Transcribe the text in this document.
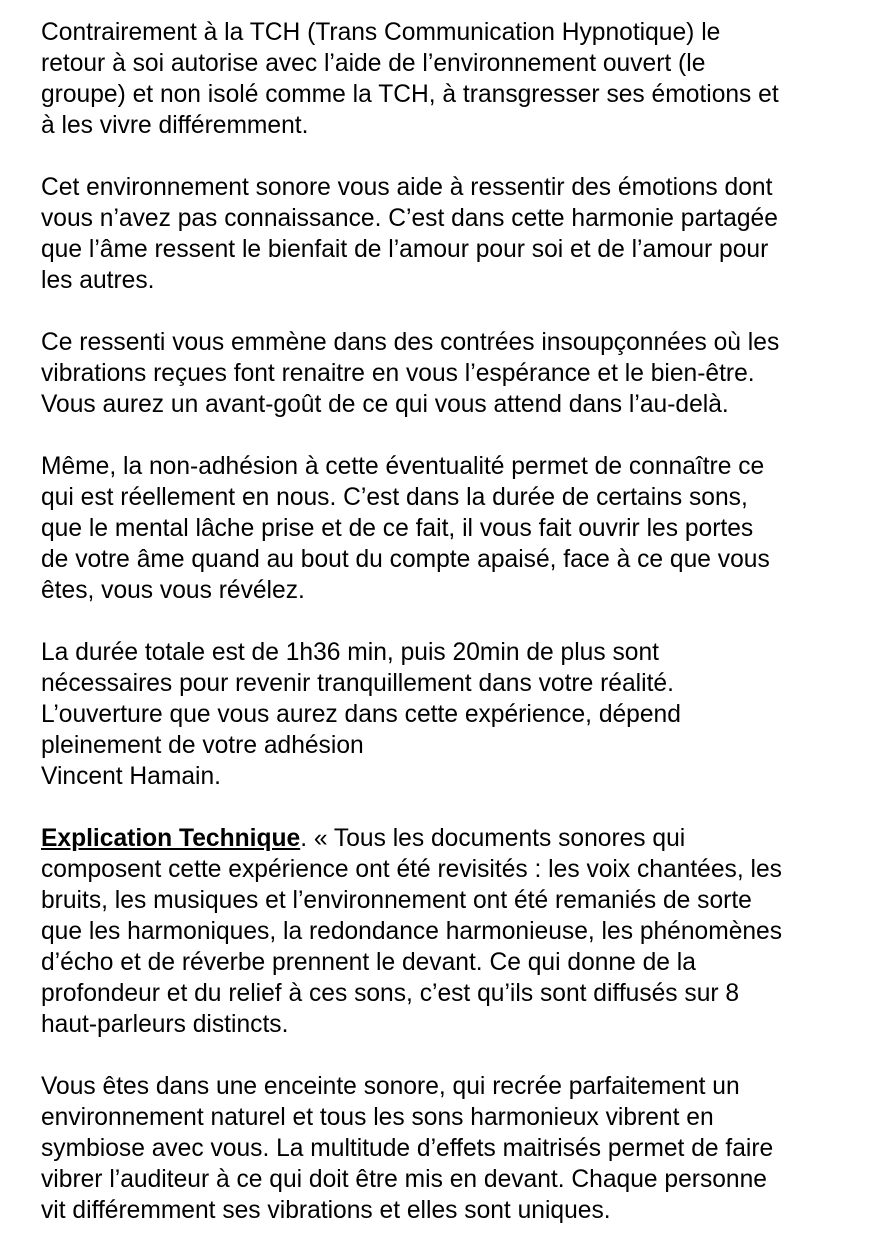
Contrairement à la TCH (Trans Communication Hypnotique) le
retour à soi autorise avec l’aide de l’environnement ouvert (le
groupe) et non isolé comme la TCH, à transgresser ses émotions et
à les vivre différemment.

Cet environnement sonore vous aide à ressentir des émotions dont
vous n’avez pas connaissance. C’est dans cette harmonie partagée
que l’âme ressent le bienfait de l’amour pour soi et de l’amour pour
les autres.

Ce ressenti vous emmène dans des contrées insoupçonnées où les
vibrations reçues font renaitre en vous l’espérance et le bien-être.
Vous aurez un avant-goût de ce qui vous attend dans l’au-delà.

Même, la non-adhésion à cette éventualité permet de connaître ce
qui est réellement en nous. C’est dans la durée de certains sons,
que le mental lâche prise et de ce fait, il vous fait ouvrir les portes
de votre âme quand au bout du compte apaisé, face à ce que vous
êtes, vous vous révélez.

La durée totale est de 1h36 min, puis 20min de plus sont
nécessaires pour revenir tranquillement dans votre réalité.
L’ouverture que vous aurez dans cette expérience, dépend
pleinement de votre adhésion
Vincent Hamain.

Explication Technique. « Tous les documents sonores qui
composent cette expérience ont été revisités : les voix chantées, les
bruits, les musiques et l’environnement ont été remaniés de sorte
que les harmoniques, la redondance harmonieuse, les phénomènes
d’écho et de réverbe prennent le devant. Ce qui donne de la
profondeur et du relief à ces sons, c’est qu’ils sont diffusés sur 8
haut-parleurs distincts.

Vous êtes dans une enceinte sonore, qui recrée parfaitement un
environnement naturel et tous les sons harmonieux vibrent en
symbiose avec vous. La multitude d’effets maitrisés permet de faire
vibrer l’auditeur à ce qui doit être mis en devant. Chaque personne
vit différemment ses vibrations et elles sont uniques.
